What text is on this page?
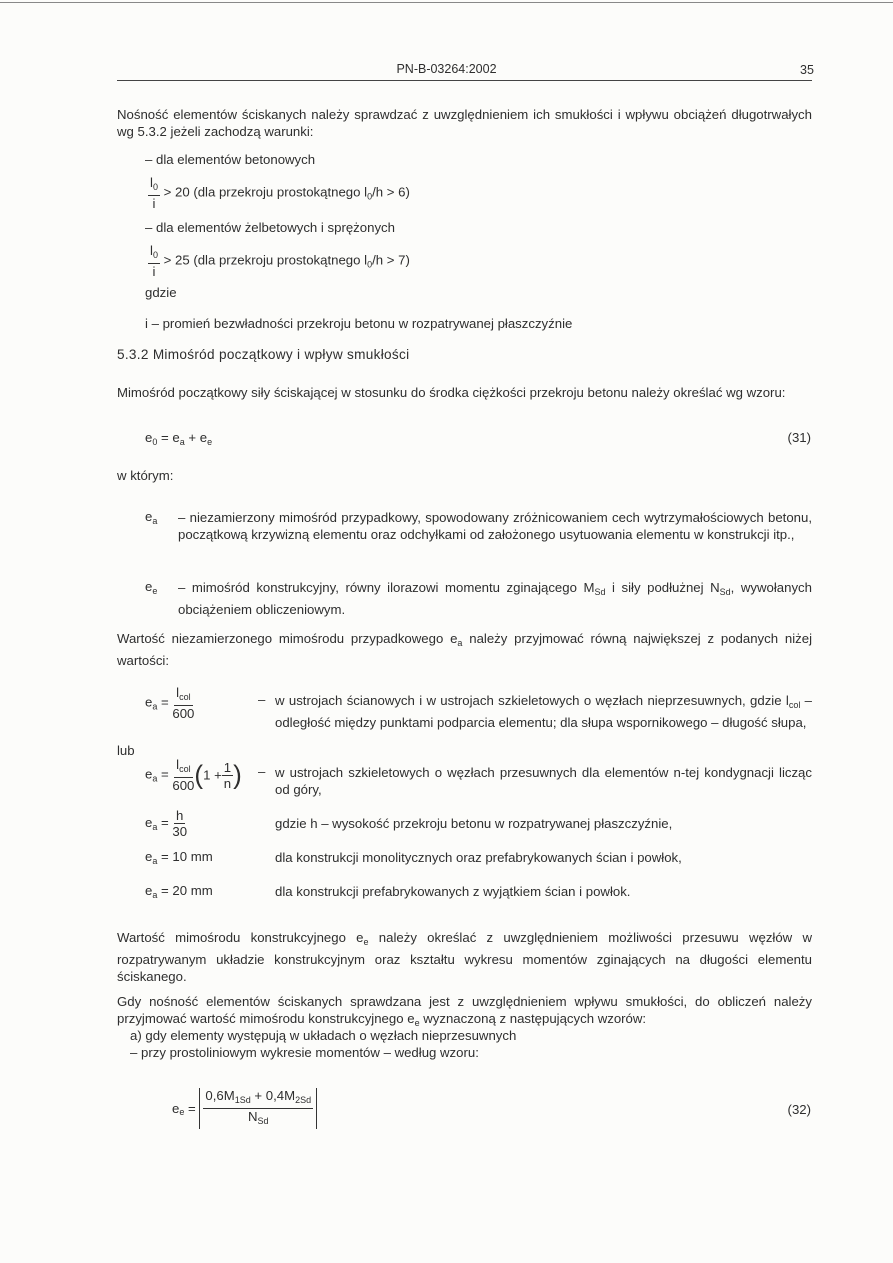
PN-B-03264:2002	35
Nośność elementów ściskanych należy sprawdzać z uwzględnieniem ich smukłości i wpływu obciążeń długotrwałych wg 5.3.2 jeżeli zachodzą warunki:
– dla elementów betonowych
$\frac{l_0}{i} > 20$ (dla przekroju prostokątnego $l_0/h > 6$)
– dla elementów żelbetowych i sprężonych
$\frac{l_0}{i} > 25$ (dla przekroju prostokątnego $l_0/h > 7$)
gdzie
i – promień bezwładności przekroju betonu w rozpatrywanej płaszczyźnie
5.3.2 Mimośród początkowy i wpływ smukłości
Mimośród początkowy siły ściskającej w stosunku do środka ciężkości przekroju betonu należy określać wg wzoru:
$e_0 = e_a + e_e$	(31)
w którym:
$e_a$ – niezamierzony mimośród przypadkowy, spowodowany zróżnicowaniem cech wytrzymałościowych betonu, początkową krzywizną elementu oraz odchyłkami od założonego usytuowania elementu w konstrukcji itp.,
$e_e$ – mimośród konstrukcyjny, równy ilorazowi momentu zginającego $M_{Sd}$ i siły podłużnej $N_{Sd}$, wywołanych obciążeniem obliczeniowym.
Wartość niezamierzonego mimośrodu przypadkowego $e_a$ należy przyjmować równą największej z podanych niżej wartości:
$e_a = \frac{l_{col}}{600}$	– w ustrojach ścianowych i w ustrojach szkieletowych o węzłach nieprzesuwnych, gdzie $l_{col}$ – odległość między punktami podparcia elementu; dla słupa wspornikowego – długość słupa,
lub
$e_a = \frac{l_{col}}{600} (1 + \frac{1}{n}$ ) – w ustrojach szkieletowych o węzłach przesuwnych dla elementów n-tej kondygnacji licząc od góry,
$e_a = \frac{h}{30}$	gdzie h – wysokość przekroju betonu w rozpatrywanej płaszczyźnie,
$e_a = 10$ mm	dla konstrukcji monolitycznych oraz prefabrykowanych ścian i powłok,
$e_a = 20$ mm	dla konstrukcji prefabrykowanych z wyjątkiem ścian i powłok.
Wartość mimośrodu konstrukcyjnego $e_e$ należy określać z uwzględnieniem możliwości przesuwu węzłów w rozpatrywanym układzie konstrukcyjnym oraz kształtu wykresu momentów zginających na długości elementu ściskanego.
Gdy nośność elementów ściskanych sprawdzana jest z uwzględnieniem wpływu smukłości, do obliczeń należy przyjmować wartość mimośrodu konstrukcyjnego $e_e$ wyznaczoną z następujących wzorów:
a) gdy elementy występują w układach o węzłach nieprzesuwnych
– przy prostoliniowym wykresie momentów – według wzoru:
$e_e = \frac{0,6M_{1Sd} + 0,4M_{2Sd}}{N_{Sd}}$	(32)
